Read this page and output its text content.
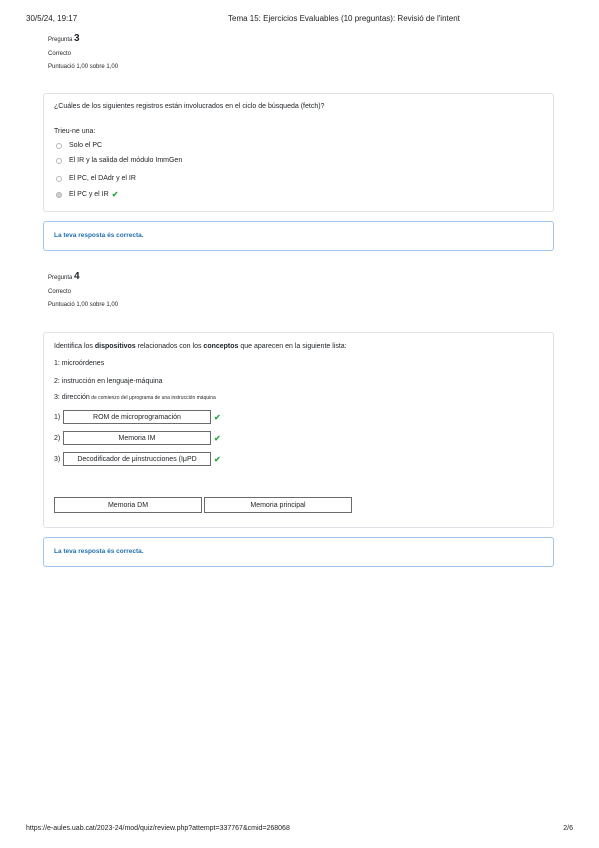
30/5/24, 19:17	Tema 15: Ejercicios Evaluables (10 preguntas): Revisió de l'intent
Pregunta 3
Correcto
Puntuació 1,00 sobre 1,00
¿Cuáles de los siguientes registros están involucrados en el ciclo de búsqueda (fetch)?
Trieu-ne una:
Solo el PC
El IR y la salida del módulo ImmGen
El PC, el DAdr y el IR
El PC y el IR ✔
La teva resposta és correcta.
Pregunta 4
Correcto
Puntuació 1,00 sobre 1,00
Identifica los dispositivos relacionados con los conceptos que aparecen en la siguiente lista:
1: microórdenes
2: instrucción en lenguaje-máquina
3: dirección de comienzo del μprograma de una instrucción máquina
1)	ROM de microprogramación	✔
2)	Memoria IM	✔
3)	Decodificador de μinstrucciones (IμPD	✔
Memoria DM	Memoria principal
La teva resposta és correcta.
https://e-aules.uab.cat/2023-24/mod/quiz/review.php?attempt=337767&cmid=268068	2/6
